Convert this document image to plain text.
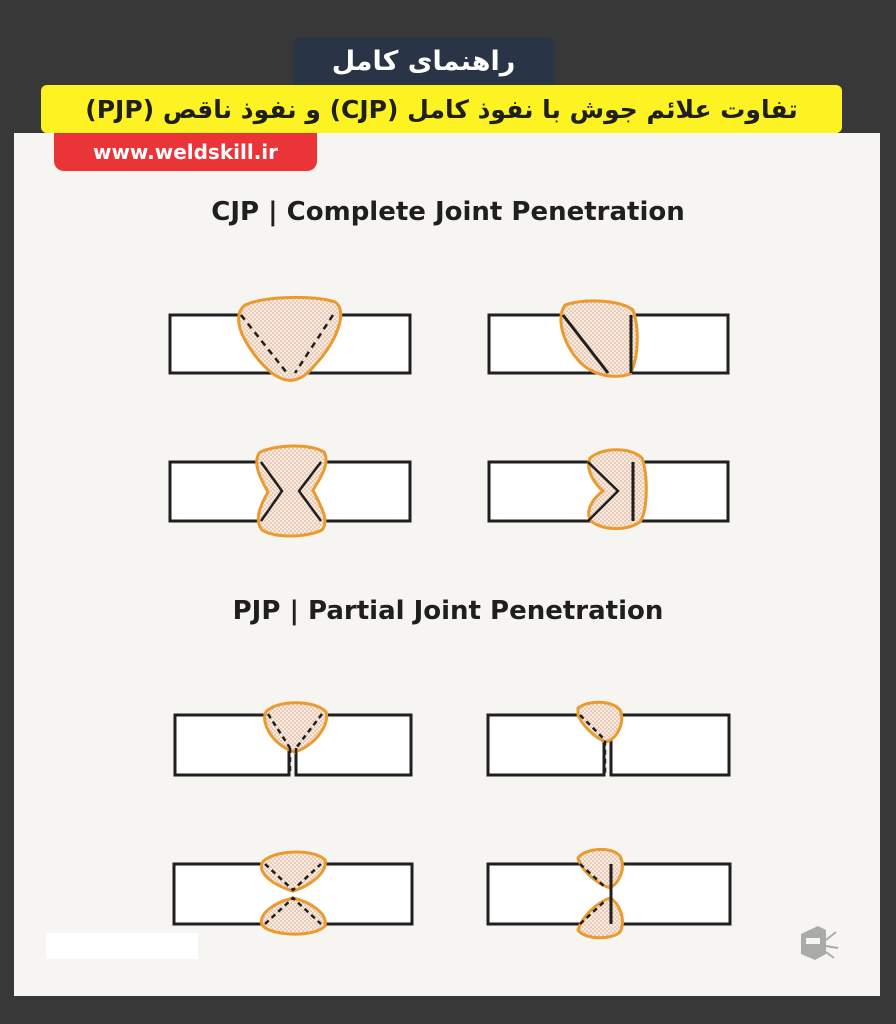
راهنمای کامل
تفاوت علائم جوش با نفوذ کامل (CJP) و نفوذ ناقص (PJP)
www.weldskill.ir
CJP | Complete Joint Penetration
PJP | Partial Joint Penetration
